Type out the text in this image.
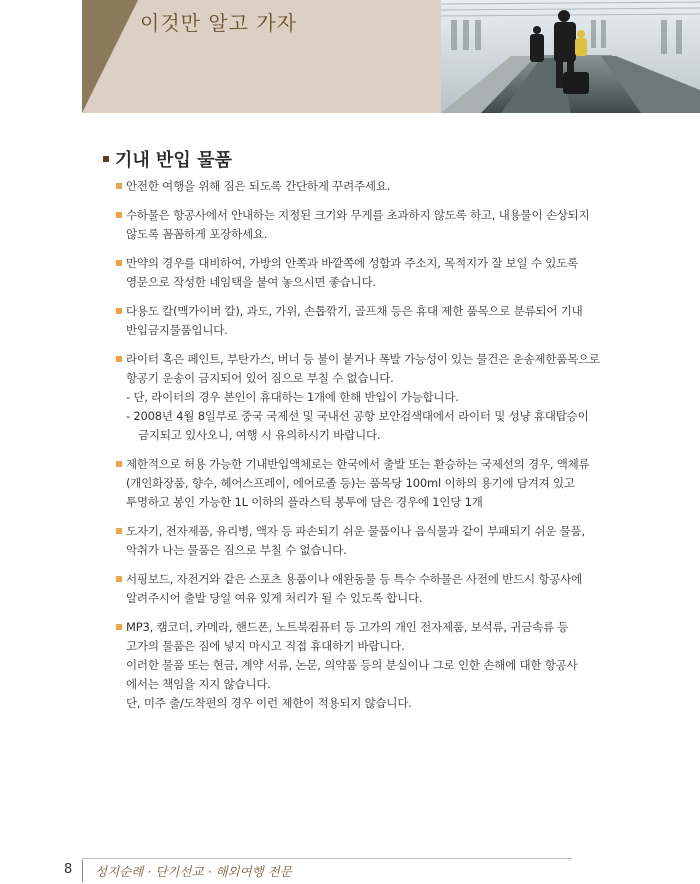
이것만 알고 가자
기내 반입 물품
안전한 여행을 위해 짐은 되도록 간단하게 꾸려주세요.
수하물은 항공사에서 안내하는 지정된 크기와 무게를 초과하지 않도록 하고, 내용물이 손상되지
않도록 꼼꼼하게 포장하세요.
만약의 경우를 대비하여, 가방의 안쪽과 바깥쪽에 성함과 주소지, 목적지가 잘 보일 수 있도록
영문으로 작성한 네임택을 붙여 놓으시면 좋습니다.
다용도 칼(맥가이버 칼), 과도, 가위, 손톱깎기, 골프채 등은 휴대 제한 품목으로 분류되어 기내
반입금지물품입니다.
라이터 혹은 페인트, 부탄가스, 버너 등 불이 붙거나 폭발 가능성이 있는 물건은 운송제한품목으로
항공기 운송이 금지되어 있어 짐으로 부칠 수 없습니다.
- 단, 라이터의 경우 본인이 휴대하는 1개에 한해 반입이 가능합니다.
- 2008년 4월 8일부로 중국 국제선 및 국내선 공항 보안검색대에서 라이터 및 성냥 휴대탑승이
금지되고 있사오니, 여행 시 유의하시기 바랍니다.
제한적으로 허용 가능한 기내반입액체로는 한국에서 출발 또는 환승하는 국제선의 경우, 액체류
(개인화장품, 향수, 헤어스프레이, 에어로졸 등)는 품목당 100ml 이하의 용기에 담겨져 있고
투명하고 봉인 가능한 1L 이하의 플라스틱 봉투에 담은 경우에 1인당 1개
도자기, 전자제품, 유리병, 액자 등 파손되기 쉬운 물품이나 음식물과 같이 부패되기 쉬운 물품,
악취가 나는 물품은 짐으로 부칠 수 없습니다.
서핑보드, 자전거와 같은 스포츠 용품이나 애완동물 등 특수 수하물은 사전에 반드시 항공사에
알려주시어 출발 당일 여유 있게 처리가 될 수 있도록 합니다.
MP3, 캠코더, 카메라, 핸드폰, 노트북컴퓨터 등 고가의 개인 전자제품, 보석류, 귀금속류 등
고가의 물품은 짐에 넣지 마시고 직접 휴대하기 바랍니다.
이러한 물품 또는 현금, 계약 서류, 논문, 의약품 등의 분실이나 그로 인한 손해에 대한 항공사
에서는 책임을 지지 않습니다.
단, 미주 출/도착편의 경우 이런 제한이 적용되지 않습니다.
8 성지순례 · 단기선교 · 해외여행 전문
